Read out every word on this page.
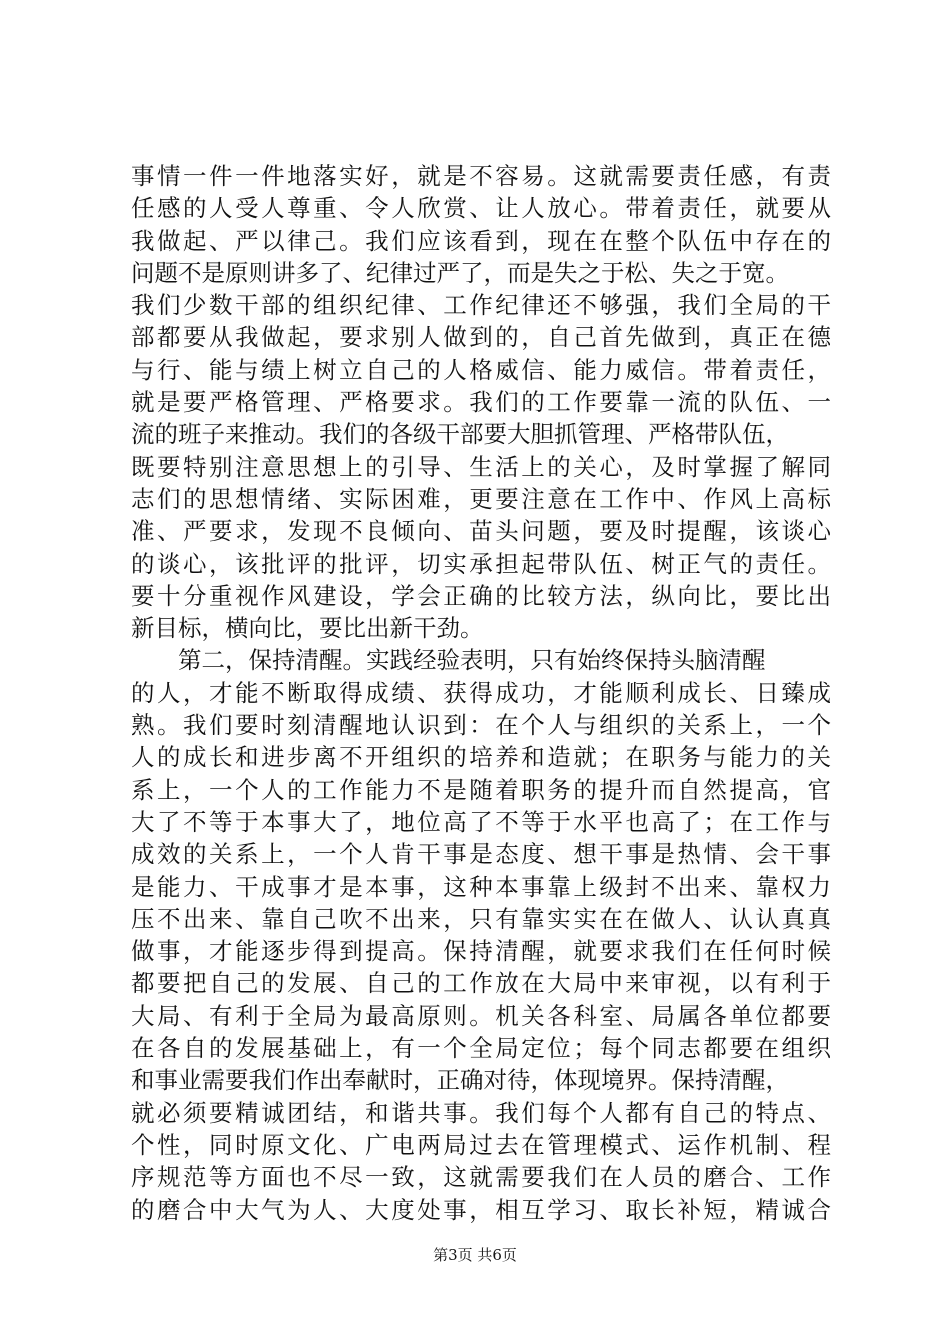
事情一件一件地落实好，就是不容易。这就需要责任感，有责
任感的人受人尊重、令人欣赏、让人放心。带着责任，就要从
我做起、严以律己。我们应该看到，现在在整个队伍中存在的
问题不是原则讲多了、纪律过严了，而是失之于松、失之于宽。
我们少数干部的组织纪律、工作纪律还不够强，我们全局的干
部都要从我做起，要求别人做到的，自己首先做到，真正在德
与行、能与绩上树立自己的人格威信、能力威信。带着责任，
就是要严格管理、严格要求。我们的工作要靠一流的队伍、一
流的班子来推动。我们的各级干部要大胆抓管理、严格带队伍，
既要特别注意思想上的引导、生活上的关心，及时掌握了解同
志们的思想情绪、实际困难，更要注意在工作中、作风上高标
准、严要求，发现不良倾向、苗头问题，要及时提醒，该谈心
的谈心，该批评的批评，切实承担起带队伍、树正气的责任。
要十分重视作风建设，学会正确的比较方法，纵向比，要比出
新目标，横向比，要比出新干劲。
第二，保持清醒。实践经验表明，只有始终保持头脑清醒
的人，才能不断取得成绩、获得成功，才能顺利成长、日臻成
熟。我们要时刻清醒地认识到：在个人与组织的关系上，一个
人的成长和进步离不开组织的培养和造就；在职务与能力的关
系上，一个人的工作能力不是随着职务的提升而自然提高，官
大了不等于本事大了，地位高了不等于水平也高了；在工作与
成效的关系上，一个人肯干事是态度、想干事是热情、会干事
是能力、干成事才是本事，这种本事靠上级封不出来、靠权力
压不出来、靠自己吹不出来，只有靠实实在在做人、认认真真
做事，才能逐步得到提高。保持清醒，就要求我们在任何时候
都要把自己的发展、自己的工作放在大局中来审视，以有利于
大局、有利于全局为最高原则。机关各科室、局属各单位都要
在各自的发展基础上，有一个全局定位；每个同志都要在组织
和事业需要我们作出奉献时，正确对待，体现境界。保持清醒，
就必须要精诚团结，和谐共事。我们每个人都有自己的特点、
个性，同时原文化、广电两局过去在管理模式、运作机制、程
序规范等方面也不尽一致，这就需要我们在人员的磨合、工作
的磨合中大气为人、大度处事，相互学习、取长补短，精诚合
第3页 共6页
